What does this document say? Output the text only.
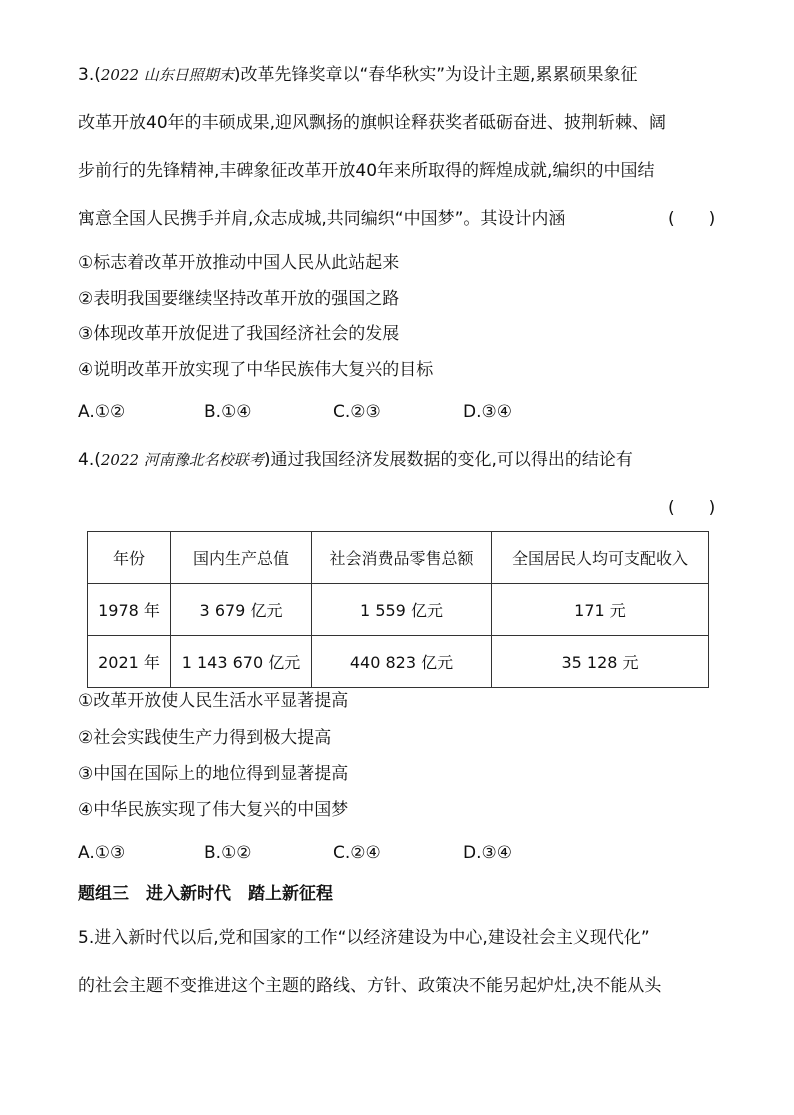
3.(2022 山东日照期末)改革先锋奖章以“春华秋实”为设计主题,累累硕果象征
改革开放40年的丰硕成果,迎风飘扬的旗帜诠释获奖者砥砺奋进、披荆斩棘、阔
步前行的先锋精神,丰碑象征改革开放40年来所取得的辉煌成就,编织的中国结
寓意全国人民携手并肩,众志成城,共同编织“中国梦”。其设计内涵	(　　)
①标志着改革开放推动中国人民从此站起来
②表明我国要继续坚持改革开放的强国之路
③体现改革开放促进了我国经济社会的发展
④说明改革开放实现了中华民族伟大复兴的目标
A.①②	B.①④	C.②③	D.③④
4.(2022 河南豫北名校联考)通过我国经济发展数据的变化,可以得出的结论有
(　　)
年份	国内生产总值	社会消费品零售总额	全国居民人均可支配收入
1978 年	3 679 亿元	1 559 亿元	171 元
2021 年	1 143 670 亿元	440 823 亿元	35 128 元
①改革开放使人民生活水平显著提高
②社会实践使生产力得到极大提高
③中国在国际上的地位得到显著提高
④中华民族实现了伟大复兴的中国梦
A.①③	B.①②	C.②④	D.③④
题组三　进入新时代　踏上新征程
5.进入新时代以后,党和国家的工作“以经济建设为中心,建设社会主义现代化”
的社会主题不变推进这个主题的路线、方针、政策决不能另起炉灶,决不能从头
